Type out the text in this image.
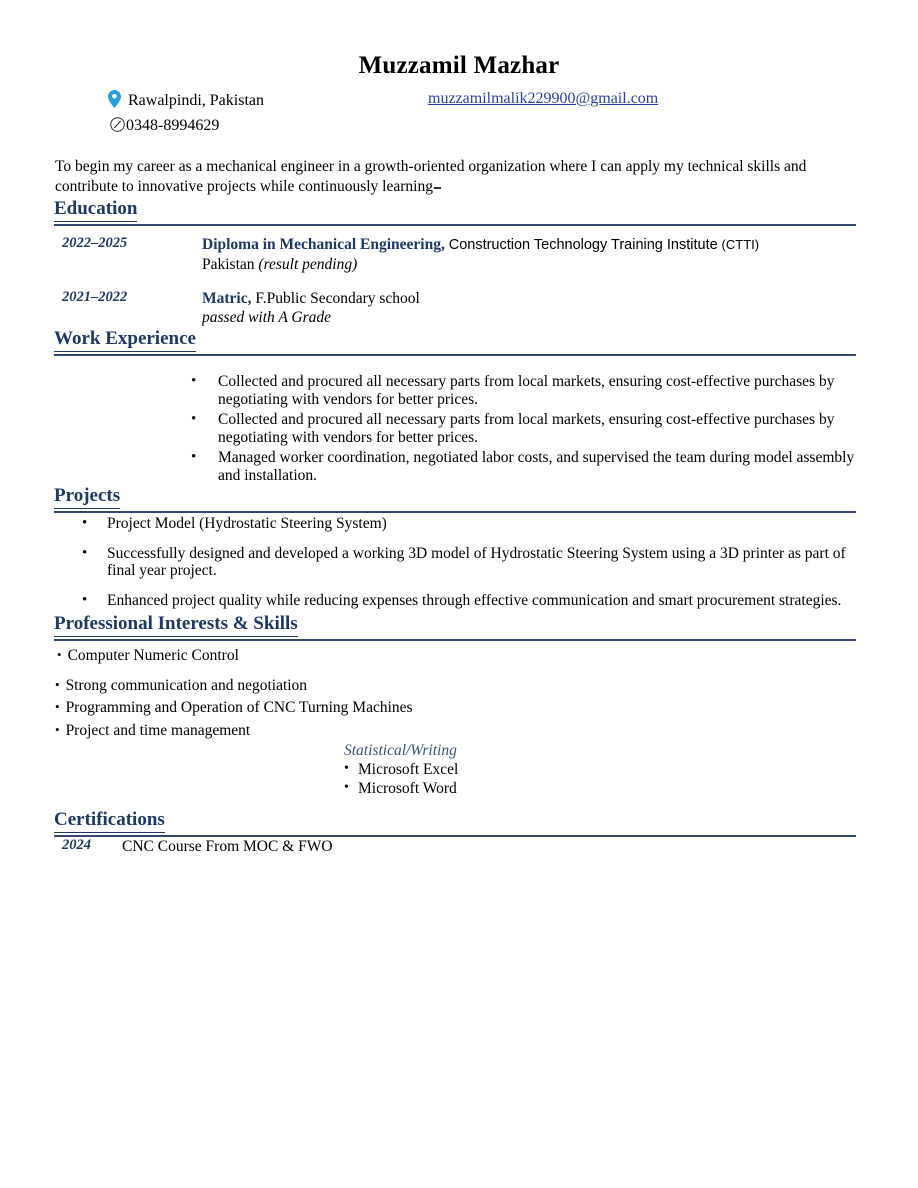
Muzzamil Mazhar
Rawalpindi, Pakistan
0348-8994629
muzzamilmalik229900@gmail.com
To begin my career as a mechanical engineer in a growth-oriented organization where I can apply my technical skills and contribute to innovative projects while continuously learning
Education
2022–2025	Diploma in Mechanical Engineering, Construction Technology Training Institute (CTTI)
Pakistan (result pending)
2021–2022	Matric, F.Public Secondary school
passed with A Grade
Work Experience
• Collected and procured all necessary parts from local markets, ensuring cost-effective purchases by negotiating with vendors for better prices.
• Collected and procured all necessary parts from local markets, ensuring cost-effective purchases by negotiating with vendors for better prices.
• Managed worker coordination, negotiated labor costs, and supervised the team during model assembly and installation.
Projects
• Project Model (Hydrostatic Steering System)
• Successfully designed and developed a working 3D model of Hydrostatic Steering System using a 3D printer as part of final year project.
• Enhanced project quality while reducing expenses through effective communication and smart procurement strategies.
Professional Interests & Skills
• Computer Numeric Control
• Strong communication and negotiation
• Programming and Operation of CNC Turning Machines
• Project and time management
Statistical/Writing
• Microsoft Excel
• Microsoft Word
Certifications
2024 CNC Course From MOC & FWO
